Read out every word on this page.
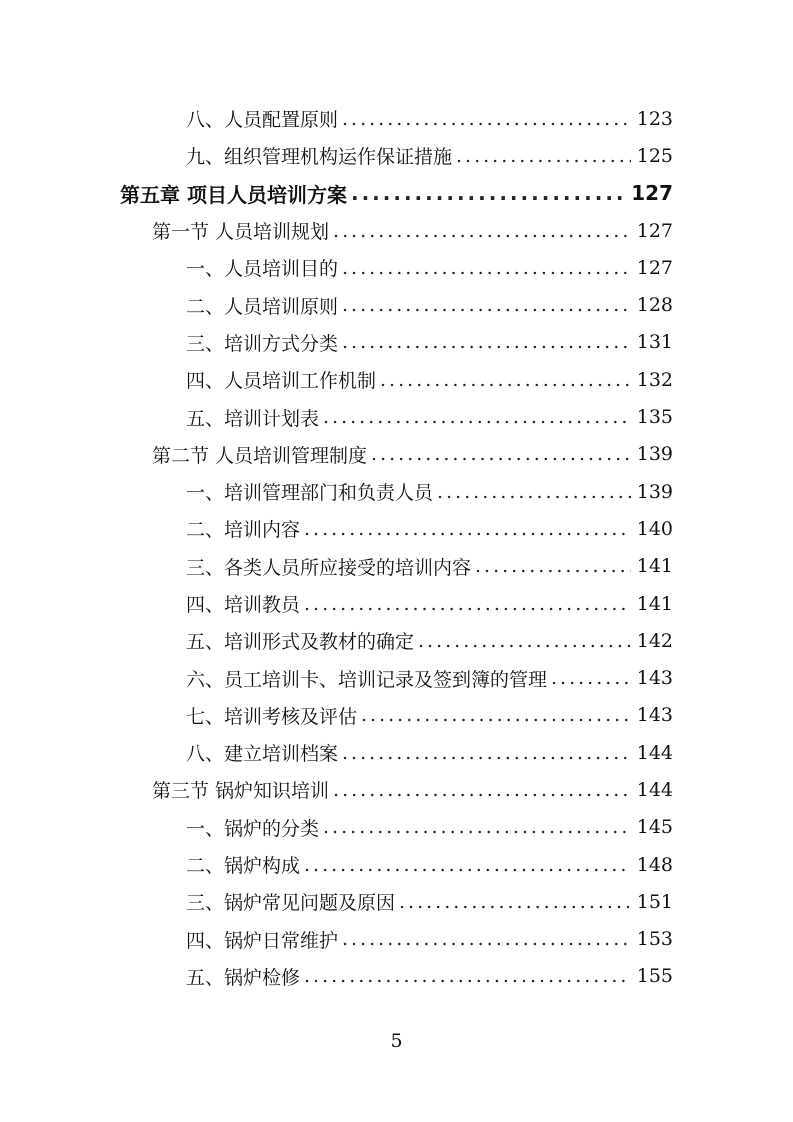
八、人员配置原则 .....	123
九、组织管理机构运作保证措施 .....	125
第五章 项目人员培训方案 .....	127
第一节 人员培训规划 .....	127
一、人员培训目的 .....	127
二、人员培训原则 .....	128
三、培训方式分类 .....	131
四、人员培训工作机制 .....	132
五、培训计划表 .....	135
第二节 人员培训管理制度 .....	139
一、培训管理部门和负责人员 .....	139
二、培训内容 .....	140
三、各类人员所应接受的培训内容 .....	141
四、培训教员 .....	141
五、培训形式及教材的确定 .....	142
六、员工培训卡、培训记录及签到簿的管理 .....	143
七、培训考核及评估 .....	143
八、建立培训档案 .....	144
第三节 锅炉知识培训 .....	144
一、锅炉的分类 .....	145
二、锅炉构成 .....	148
三、锅炉常见问题及原因 .....	151
四、锅炉日常维护 .....	153
五、锅炉检修 .....	155
5
